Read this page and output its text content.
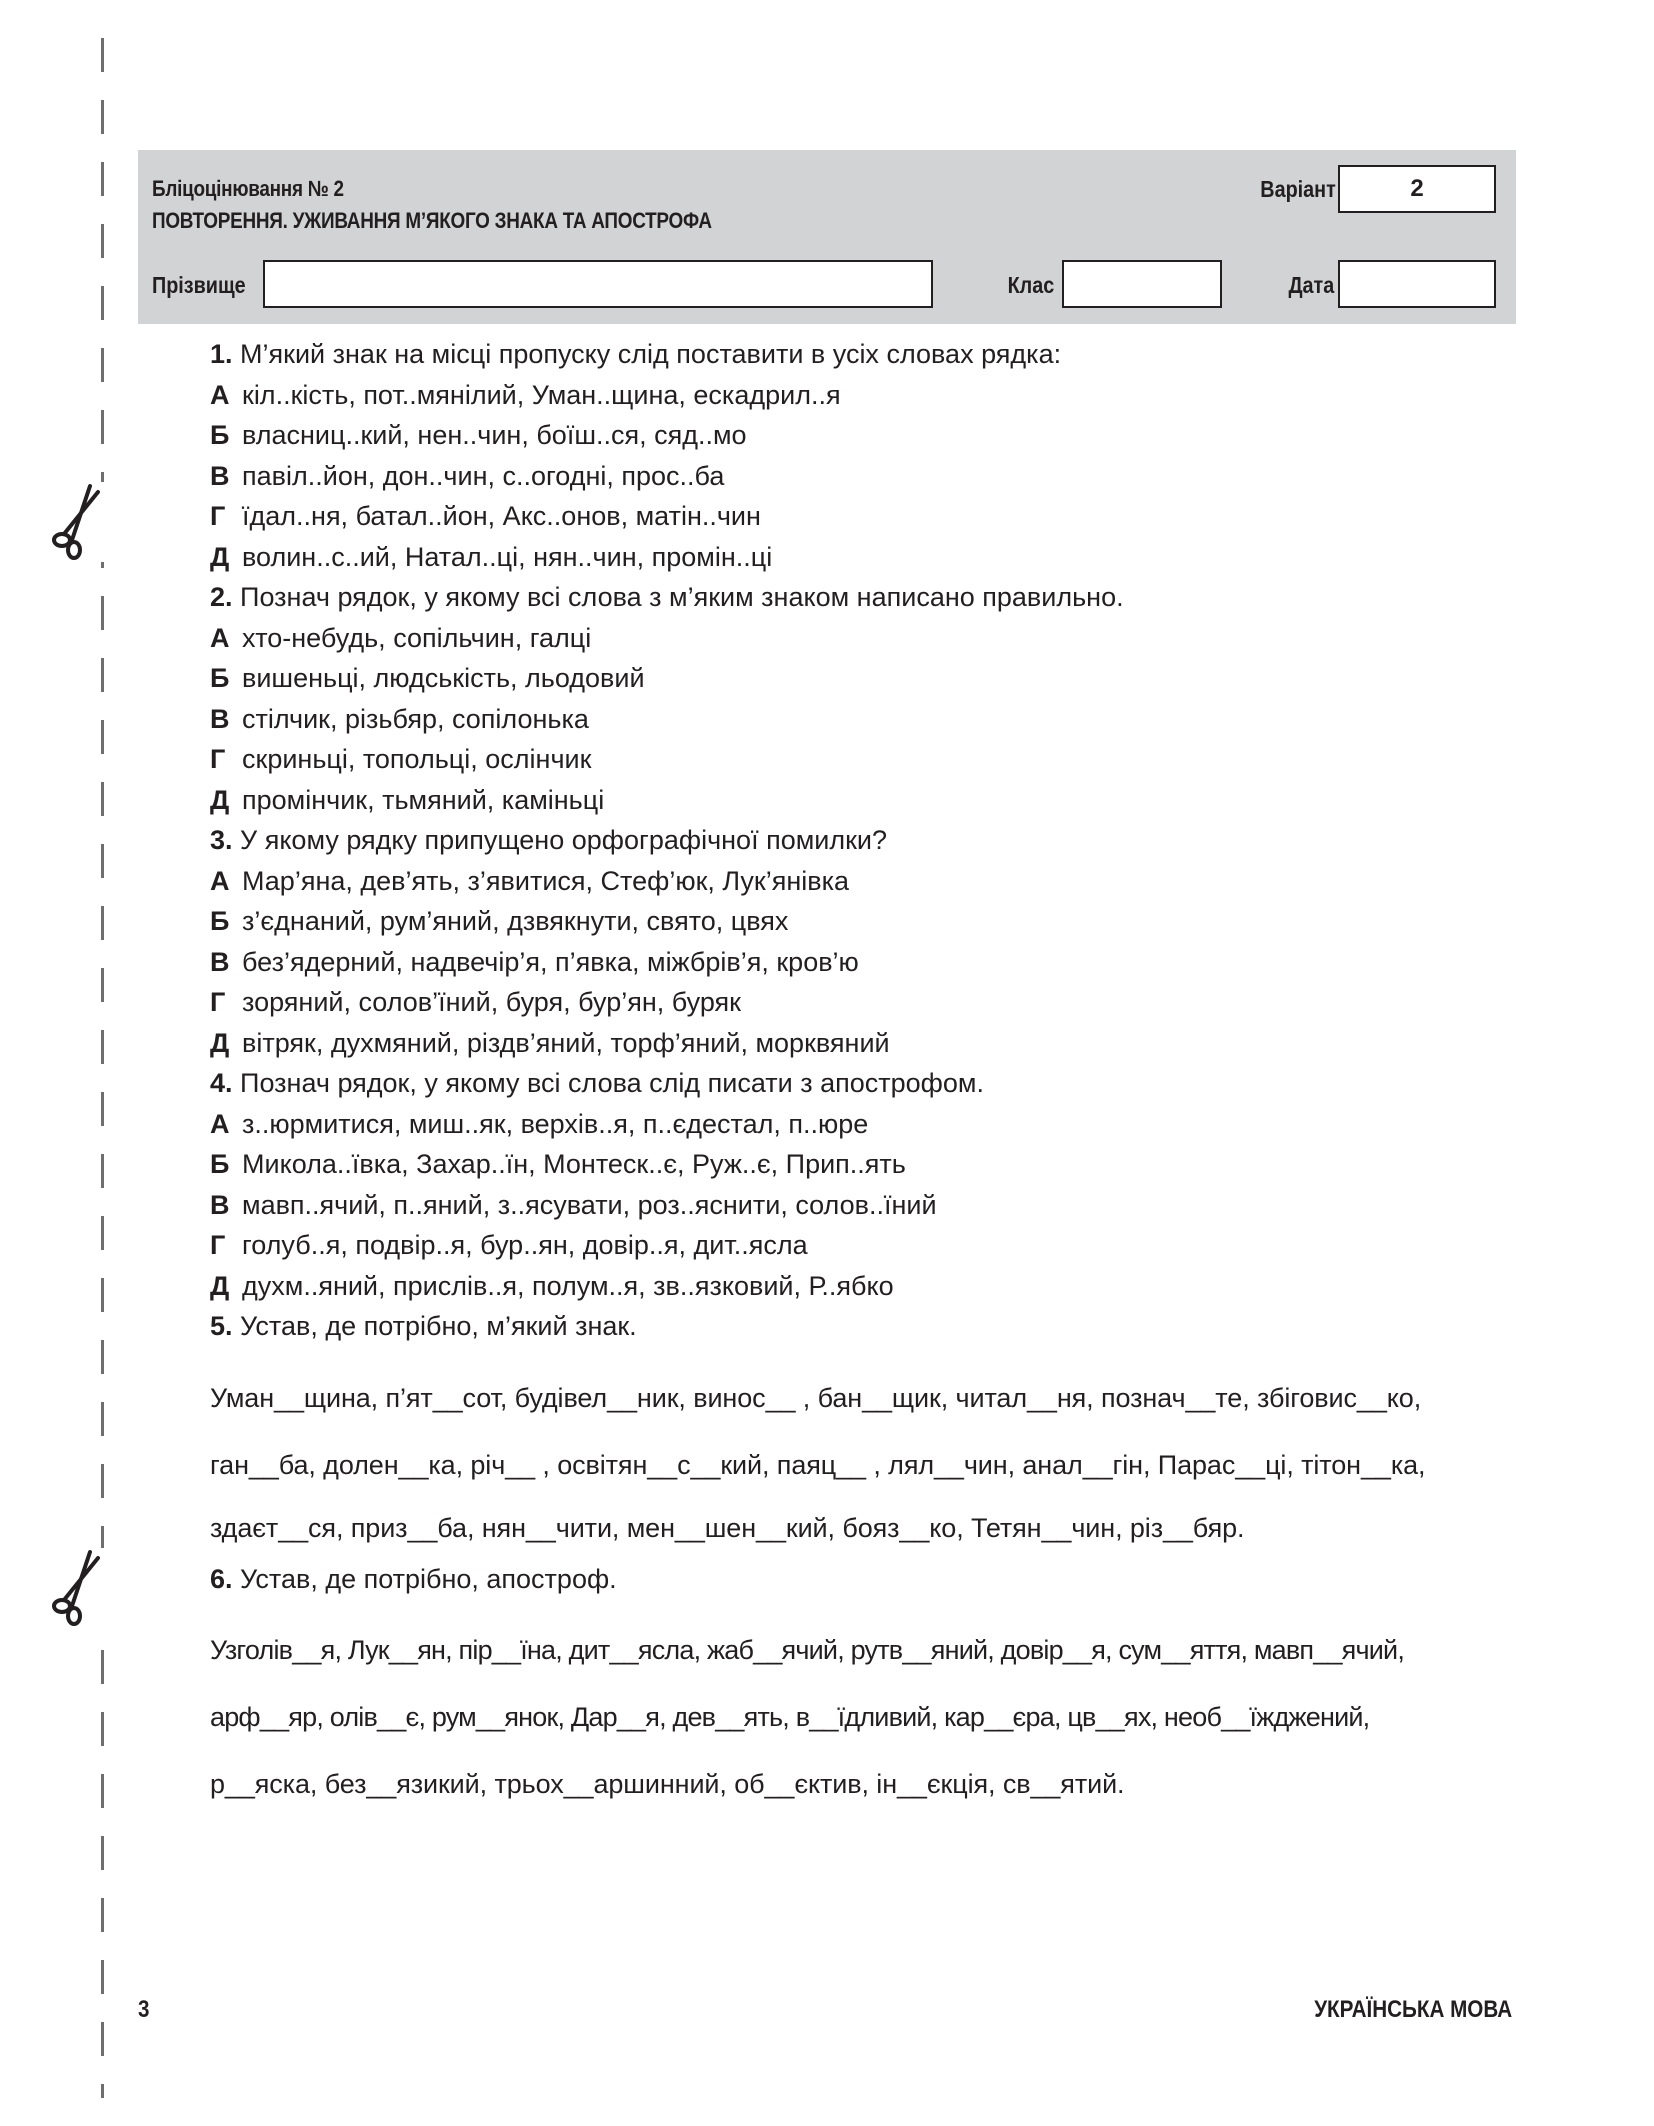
Бліцоцінювання № 2
ПОВТОРЕННЯ. УЖИВАННЯ М’ЯКОГО ЗНАКА ТА АПОСТРОФА
Варіант	2
Прізвище	Клас	Дата
1. М’який знак на місці пропуску слід поставити в усіх словах рядка:
А кіл..кість, пот..мянілий, Уман..щина, ескадрил..я
Б власниц..кий, нен..чин, боїш..ся, сяд..мо
В павіл..йон, дон..чин, с..огодні, прос..ба
Г їдал..ня, батал..йон, Акс..онов, матін..чин
Д волин..с..ий, Натал..ці, нян..чин, промін..ці
2. Познач рядок, у якому всі слова з м’яким знаком написано правильно.
А хто-небудь, сопільчин, галці
Б вишеньці, людськість, льодовий
В стілчик, різьбяр, сопілонька
Г скриньці, топольці, ослінчик
Д промінчик, тьмяний, каміньці
3. У якому рядку припущено орфографічної помилки?
А Мар’яна, дев’ять, з’явитися, Стеф’юк, Лук’янівка
Б з’єднаний, рум’яний, дзвякнути, свято, цвях
В без’ядерний, надвечір’я, п’явка, міжбрів’я, кров’ю
Г зоряний, солов’їний, буря, бур’ян, буряк
Д вітряк, духмяний, різдв’яний, торф’яний, морквяний
4. Познач рядок, у якому всі слова слід писати з апострофом.
А з..юрмитися, миш..як, верхів..я, п..єдестал, п..юре
Б Микола..ївка, Захар..їн, Монтеск..є, Руж..є, Прип..ять
В мавп..ячий, п..яний, з..ясувати, роз..яснити, солов..їний
Г голуб..я, подвір..я, бур..ян, довір..я, дит..ясла
Д духм..яний, прислів..я, полум..я, зв..язковий, Р..ябко
5. Устав, де потрібно, м’який знак.
Уман__щина, п’ят__сот, будівел__ник, винос__ , бан__щик, читал__ня, познач__те, збіговис__ко,
ган__ба, долен__ка, річ__ , освітян__с__кий, паяц__ , лял__чин, анал__гін, Парас__ці, тітон__ка,
здаєт__ся, приз__ба, нян__чити, мен__шен__кий, бояз__ко, Тетян__чин, різ__бяр.
6. Устав, де потрібно, апостроф.
Узголів__я, Лук__ян, пір__їна, дит__ясла, жаб__ячий, рутв__яний, довір__я, сум__яття, мавп__ячий,
арф__яр, олів__є, рум__янок, Дар__я, дев__ять, в__їдливий, кар__єра, цв__ях, необ__їжджений,
р__яска, без__язикий, трьох__аршинний, об__єктив, ін__єкція, св__ятий.
3	УКРАЇНСЬКА МОВА
